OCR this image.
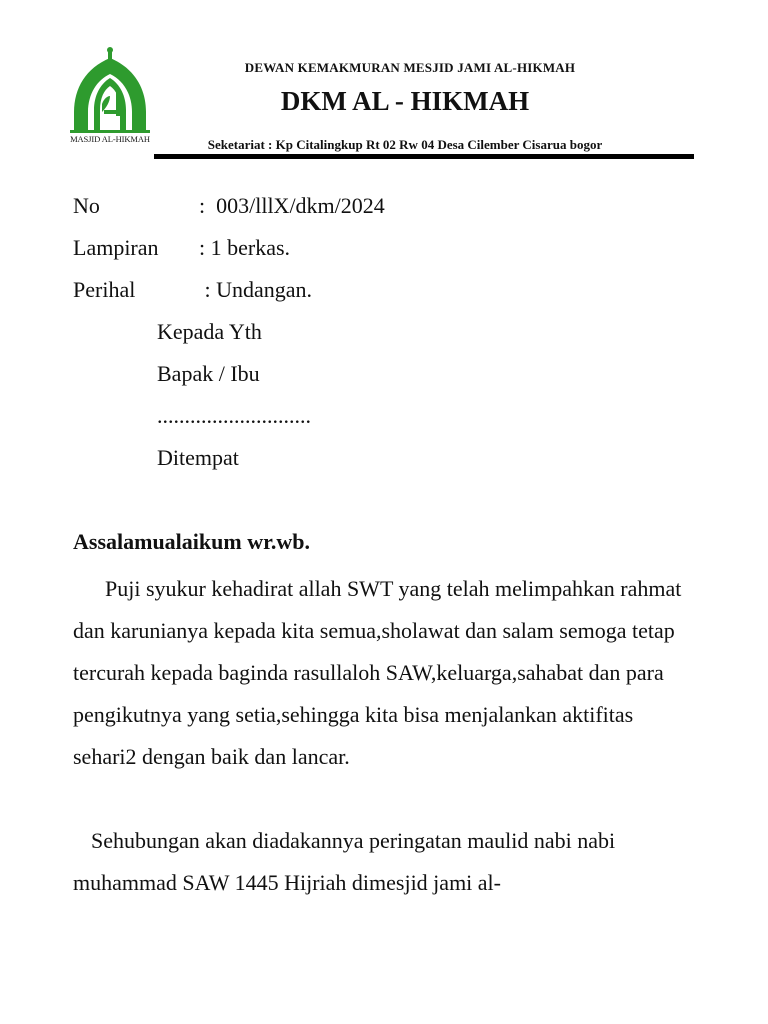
MASJID AL-HIKMAH
DEWAN KEMAKMURAN MESJID JAMI AL-HIKMAH
DKM AL - HIKMAH
Seketariat : Kp Citalingkup Rt 02 Rw 04 Desa Cilember Cisarua bogor
No	:  003/lllX/dkm/2024
Lampiran : 1 berkas.
Perihal	: Undangan.
Kepada Yth
Bapak / Ibu
............................
Ditempat
Assalamualaikum wr.wb.

Puji syukur kehadirat allah SWT yang telah melimpahkan rahmat dan karunianya kepada kita semua,sholawat dan salam semoga tetap tercurah kepada baginda rasullaloh SAW,keluarga,sahabat dan para pengikutnya yang setia,sehingga kita bisa menjalankan aktifitas sehari2 dengan baik dan lancar.

Sehubungan akan diadakannya peringatan maulid nabi nabi muhammad SAW 1445 Hijriah dimesjid jami al-
